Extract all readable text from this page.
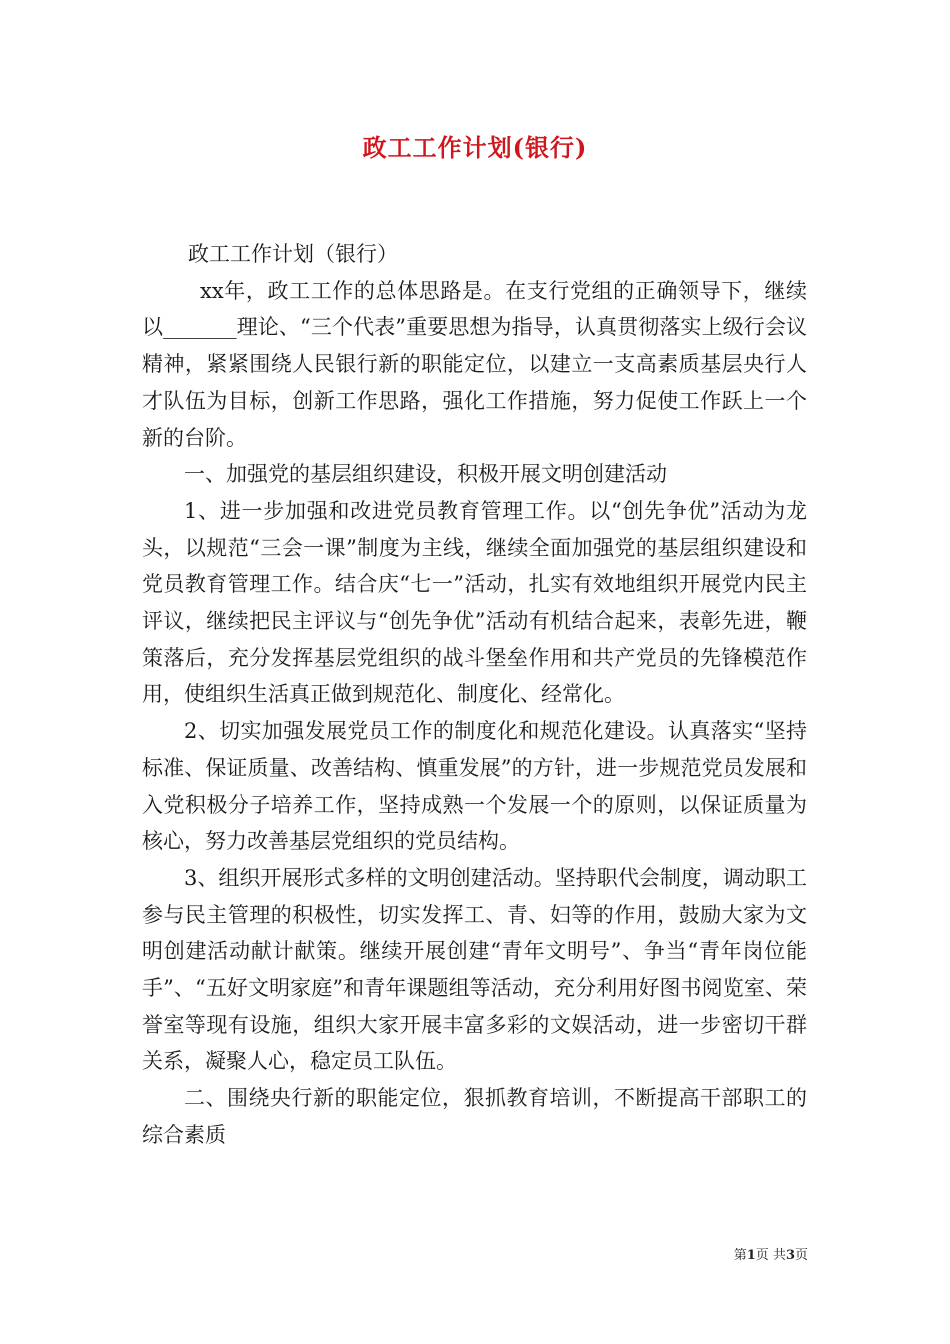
政工工作计划(银行)

政工工作计划（银行）

xx年，政工工作的总体思路是。在支行党组的正确领导下，继续以_______理论、“三个代表”重要思想为指导，认真贯彻落实上级行会议精神，紧紧围绕人民银行新的职能定位，以建立一支高素质基层央行人才队伍为目标，创新工作思路，强化工作措施，努力促使工作跃上一个新的台阶。

一、加强党的基层组织建设，积极开展文明创建活动

1、进一步加强和改进党员教育管理工作。以“创先争优”活动为龙头，以规范“三会一课”制度为主线，继续全面加强党的基层组织建设和党员教育管理工作。结合庆“七一”活动，扎实有效地组织开展党内民主评议，继续把民主评议与“创先争优”活动有机结合起来，表彰先进，鞭策落后，充分发挥基层党组织的战斗堡垒作用和共产党员的先锋模范作用，使组织生活真正做到规范化、制度化、经常化。

2、切实加强发展党员工作的制度化和规范化建设。认真落实“坚持标准、保证质量、改善结构、慎重发展”的方针，进一步规范党员发展和入党积极分子培养工作，坚持成熟一个发展一个的原则，以保证质量为核心，努力改善基层党组织的党员结构。

3、组织开展形式多样的文明创建活动。坚持职代会制度，调动职工参与民主管理的积极性，切实发挥工、青、妇等的作用，鼓励大家为文明创建活动献计献策。继续开展创建“青年文明号”、争当“青年岗位能手”、“五好文明家庭”和青年课题组等活动，充分利用好图书阅览室、荣誉室等现有设施，组织大家开展丰富多彩的文娱活动，进一步密切干群关系，凝聚人心，稳定员工队伍。

二、围绕央行新的职能定位，狠抓教育培训，不断提高干部职工的综合素质

第1页 共3页
